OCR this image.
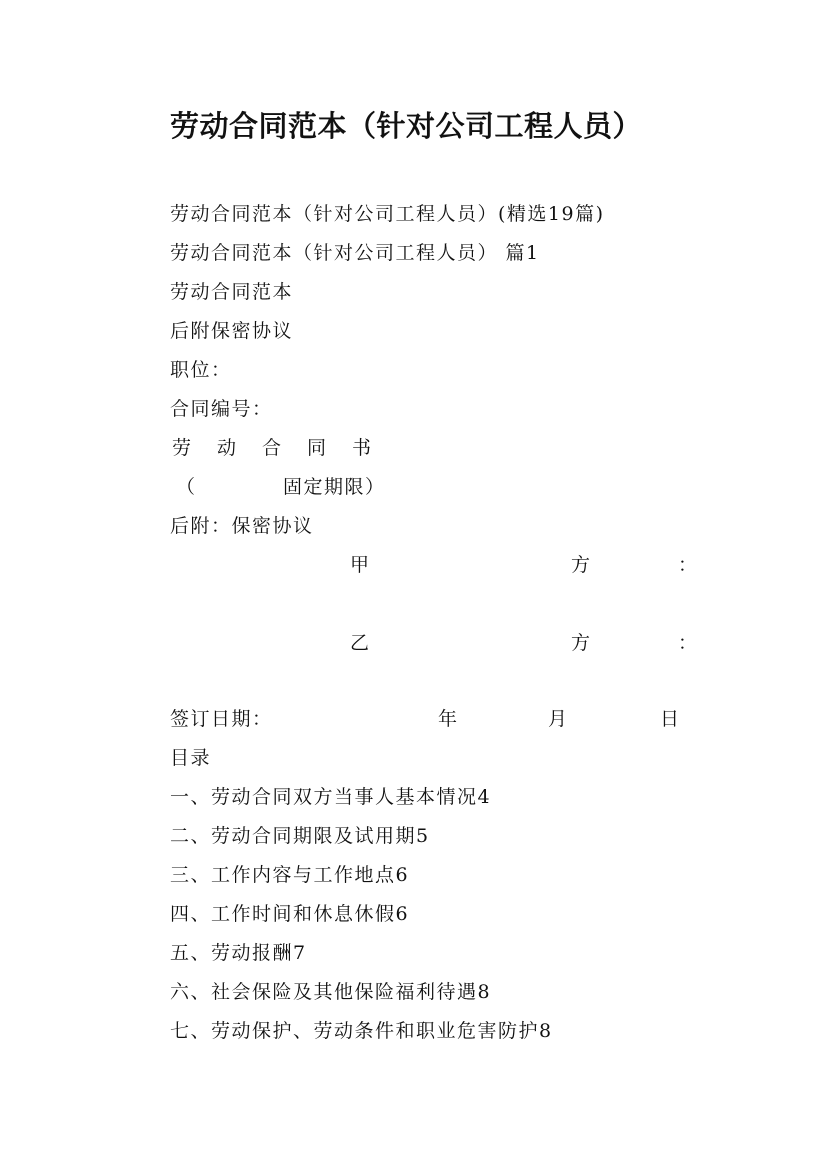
劳动合同范本（针对公司工程人员）
劳动合同范本（针对公司工程人员）(精选19篇)
劳动合同范本（针对公司工程人员） 篇1
劳动合同范本
后附保密协议
职位：
合同编号：
劳 动 合 同 书
（	固定期限）
后附：保密协议
甲	方	：
乙	方	：
签订日期：	年	月	日
目录
一、劳动合同双方当事人基本情况4
二、劳动合同期限及试用期5
三、工作内容与工作地点6
四、工作时间和休息休假6
五、劳动报酬7
六、社会保险及其他保险福利待遇8
七、劳动保护、劳动条件和职业危害防护8
